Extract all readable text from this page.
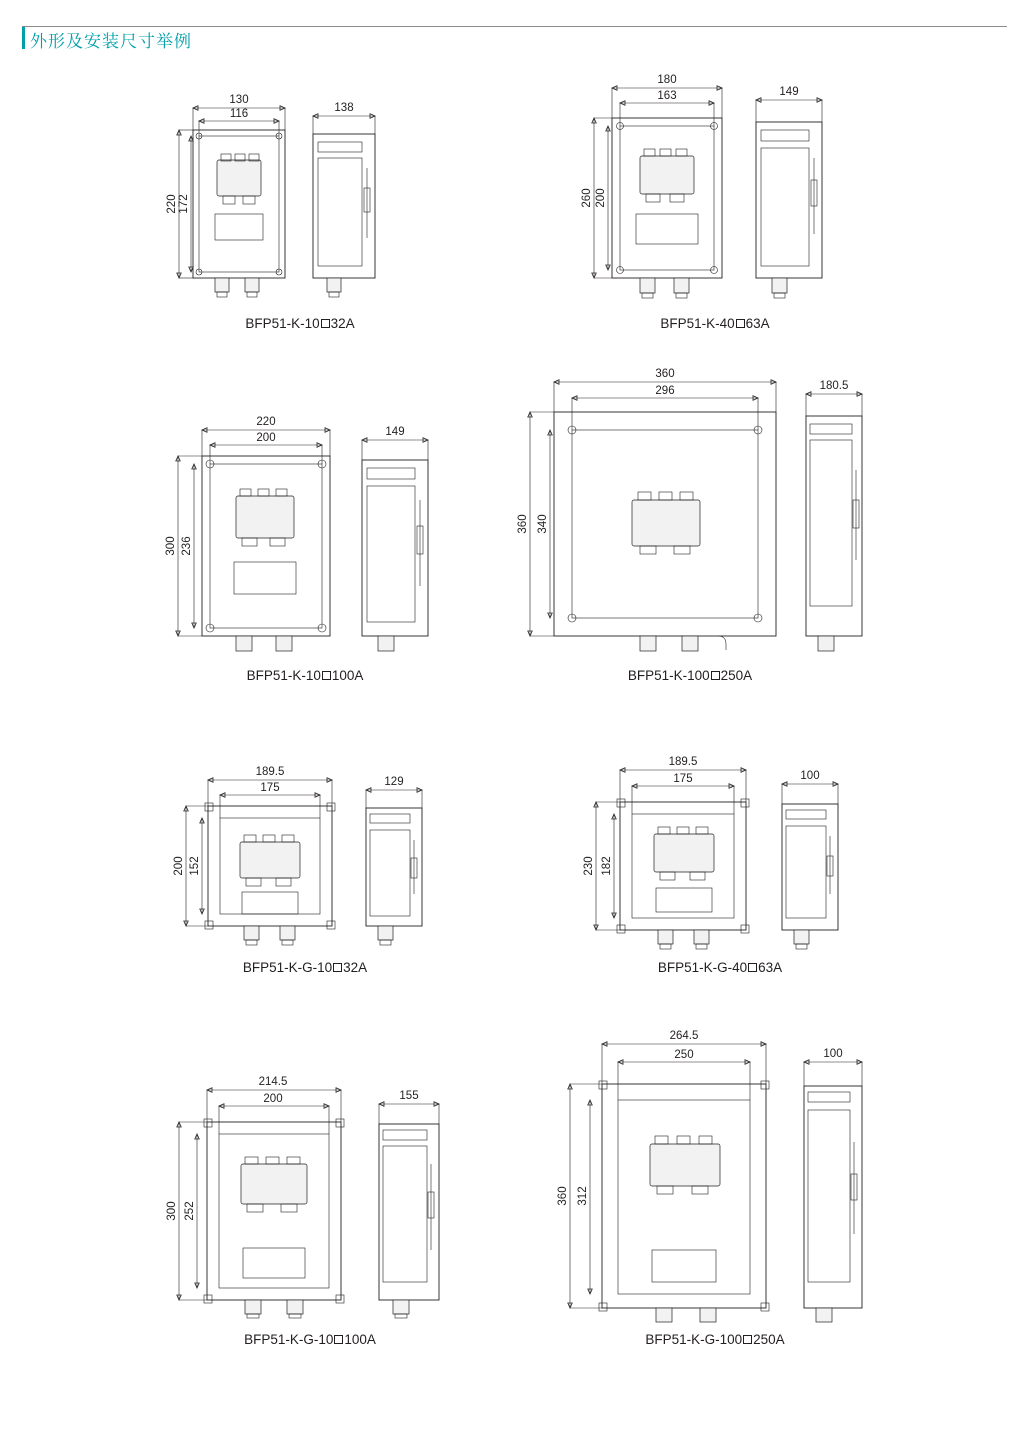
外形及安装尺寸举例
130
116
220 172
138
BFP51-K-10 32A
180
163
260 200
149
BFP51-K-40 63A
220
200
300 236
149
BFP51-K-10 100A
360
296
360 340
180.5
BFP51-K-100 250A
189.5
175
200 152
129
BFP51-K-G-10 32A
189.5
175
230 182
100
BFP51-K-G-40 63A
214.5
200
300 252
155
BFP51-K-G-10 100A
264.5
250
360 312
100
BFP51-K-G-100 250A
